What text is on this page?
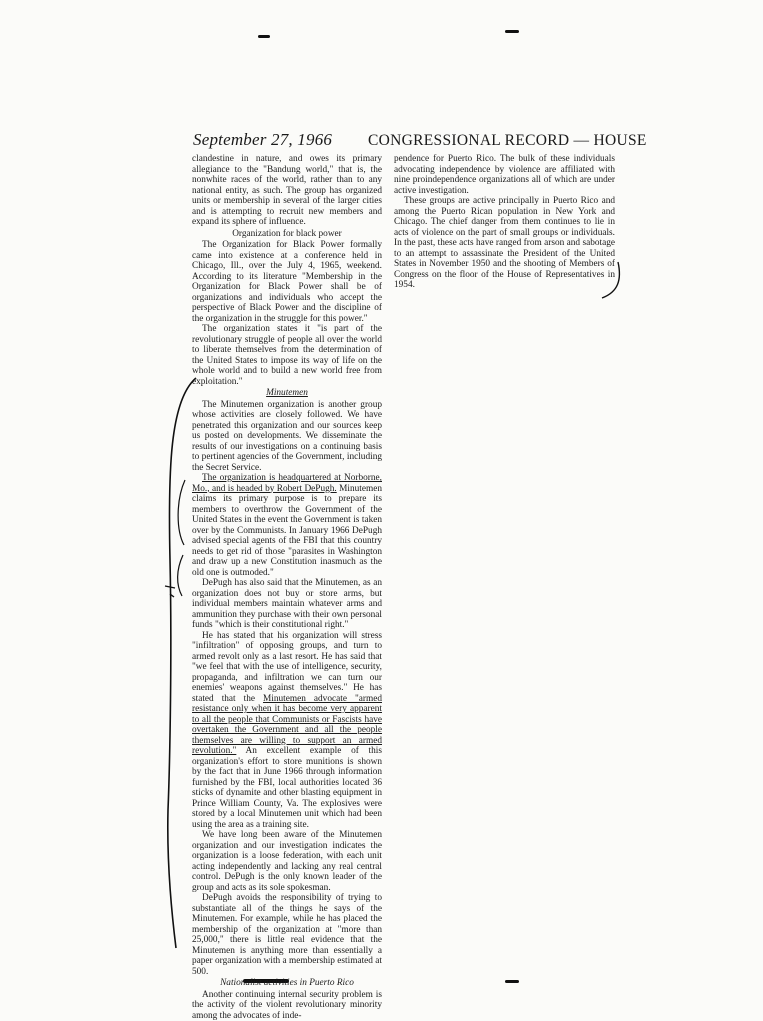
September 27, 1966 CONGRESSIONAL RECORD — HOUSE

clandestine in nature, and owes its primary allegiance to the "Bandung world," that is, the nonwhite races of the world, rather than to any national entity, as such. The group has organized units or membership in several of the larger cities and is attempting to recruit new members and expand its sphere of influence.

Organization for black power

The Organization for Black Power formally came into existence at a conference held in Chicago, Ill., over the July 4, 1965, weekend. According to its literature "Membership in the Organization for Black Power shall be of organizations and individuals who accept the perspective of Black Power and the discipline of the organization in the struggle for this power."

The organization states it "is part of the revolutionary struggle of people all over the world to liberate themselves from the determination of the United States to impose its way of life on the whole world and to build a new world free from exploitation."

Minutemen

The Minutemen organization is another group whose activities are closely followed. We have penetrated this organization and our sources keep us posted on developments. We disseminate the results of our investigations on a continuing basis to pertinent agencies of the Government, including the Secret Service.

The organization is headquartered at Norborne, Mo., and is headed by Robert DePugh. Minutemen claims its primary purpose is to prepare its members to overthrow the Government of the United States in the event the Government is taken over by the Communists. In January 1966 DePugh advised special agents of the FBI that this country needs to get rid of those "parasites in Washington and draw up a new Constitution inasmuch as the old one is outmoded."

DePugh has also said that the Minutemen, as an organization does not buy or store arms, but individual members maintain whatever arms and ammunition they purchase with their own personal funds "which is their constitutional right."

He has stated that his organization will stress "infiltration" of opposing groups, and turn to armed revolt only as a last resort. He has said that "we feel that with the use of intelligence, security, propaganda, and infiltration we can turn our enemies' weapons against themselves." He has stated that the Minutemen advocate "armed resistance only when it has become very apparent to all the people that Communists or Fascists have overtaken the Government and all the people themselves are willing to support an armed revolution." An excellent example of this organization's effort to store munitions is shown by the fact that in June 1966 through information furnished by the FBI, local authorities located 36 sticks of dynamite and other blasting equipment in Prince William County, Va. The explosives were stored by a local Minutemen unit which had been using the area as a training site.

We have long been aware of the Minutemen organization and our investigation indicates the organization is a loose federation, with each unit acting independently and lacking any real central control. DePugh is the only known leader of the group and acts as its sole spokesman.

DePugh avoids the responsibility of trying to substantiate all of the things he says of the Minutemen. For example, while he has placed the membership of the organization at "more than 25,000," there is little real evidence that the Minutemen is anything more than essentially a paper organization with a membership estimated at 500.

Nationalist activities in Puerto Rico

Another continuing internal security problem is the activity of the violent revolutionary minority among the advocates of inde-

pendence for Puerto Rico. The bulk of these individuals advocating independence by violence are affiliated with nine proindependence organizations all of which are under active investigation.

These groups are active principally in Puerto Rico and among the Puerto Rican population in New York and Chicago. The chief danger from them continues to lie in acts of violence on the part of small groups or individuals. In the past, these acts have ranged from arson and sabotage to an attempt to assassinate the President of the United States in November 1950 and the shooting of Members of Congress on the floor of the House of Representatives in 1954.
